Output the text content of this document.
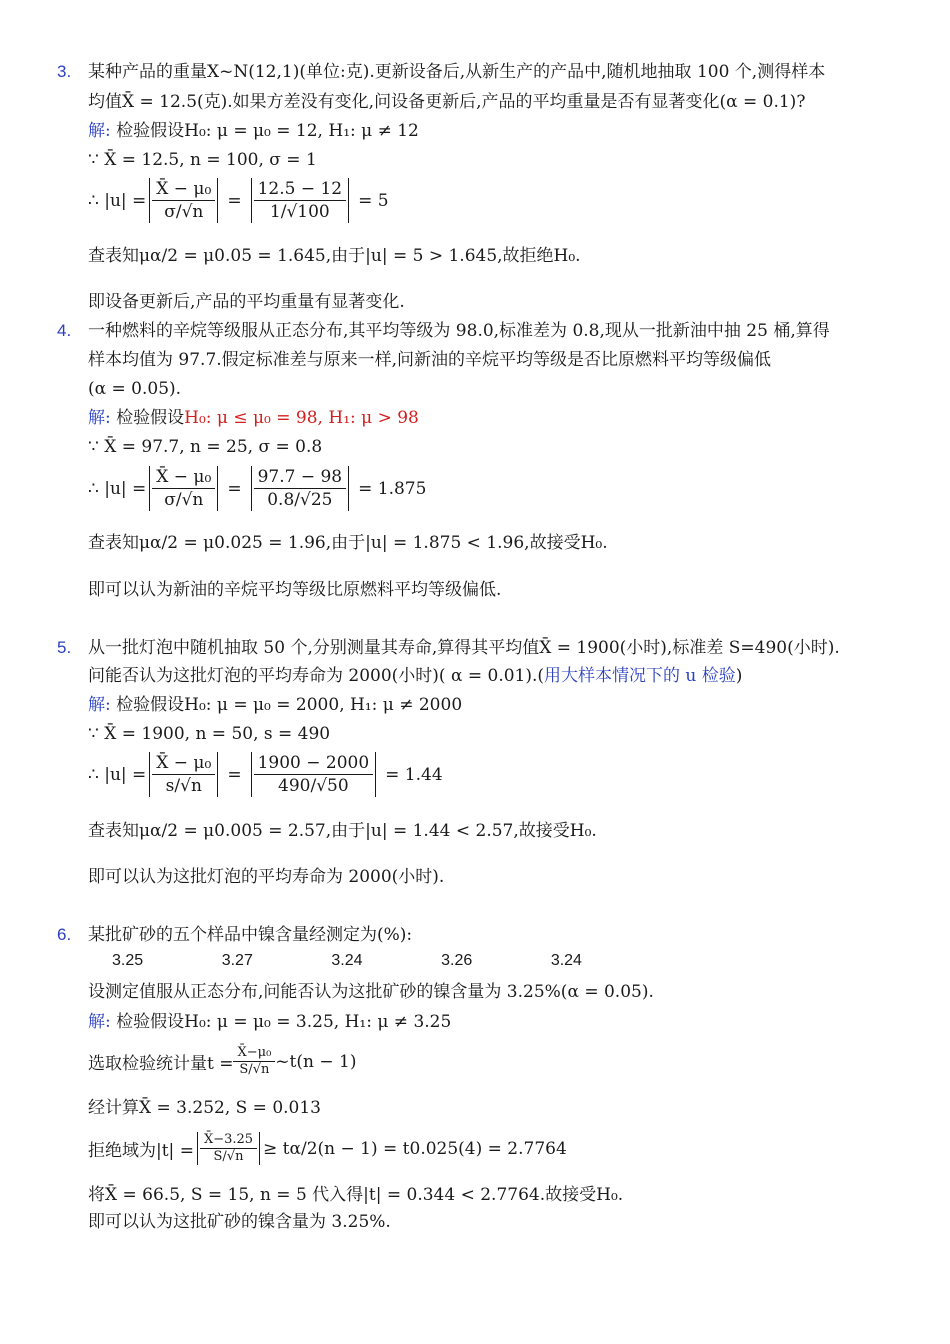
3. 某种产品的重量X~N(12,1)(单位:克).更新设备后,从新生产的产品中,随机地抽取 100 个,测得样本
均值X̄ = 12.5(克).如果方差没有变化,问设备更新后,产品的平均重量是否有显著变化(α = 0.1)?
解: 检验假设H₀: μ = μ₀ = 12, H₁: μ ≠ 12
∵ X̄ = 12.5, n = 100, σ = 1
∴ $|u| = \frac{\text{X̄ − μ₀}}{\sigma/√n} = \frac{12.5 - 12}{1/√100} = 5$
查表知μα/2 = μ0.05 = 1.645,由于|u| = 5 > 1.645,故拒绝H₀.
即设备更新后,产品的平均重量有显著变化.
4. 一种燃料的辛烷等级服从正态分布,其平均等级为 98.0,标准差为 0.8,现从一批新油中抽 25 桶,算得
样本均值为 97.7.假定标准差与原来一样,问新油的辛烷平均等级是否比原燃料平均等级偏低
(α = 0.05).
解: 检验假设H₀: μ ≤ μ₀ = 98, H₁: μ > 98
∵ X̄ = 97.7, n = 25, σ = 0.8
∴ $|u| = \frac{\text{X̄ − μ₀}}{\sigma/√n} = \frac{97.7 - 98}{0.8/√25} = 1.875$
查表知μα/2 = μ0.025 = 1.96,由于|u| = 1.875 < 1.96,故接受H₀.
即可以认为新油的辛烷平均等级比原燃料平均等级偏低.
5. 从一批灯泡中随机抽取 50 个,分别测量其寿命,算得其平均值X̄ = 1900(小时),标准差 S=490(小时).
问能否认为这批灯泡的平均寿命为 2000(小时)( α = 0.01).(用大样本情况下的 u 检验)
解: 检验假设H₀: μ = μ₀ = 2000, H₁: μ ≠ 2000
∵ X̄ = 1900, n = 50, s = 490
∴ $|u| = \frac{\text{X̄ − μ₀}}{s/√n} = \frac{1900 - 2000}{490/√50} = 1.44$
查表知μα/2 = μ0.005 = 2.57,由于|u| = 1.44 < 2.57,故接受H₀.
即可以认为这批灯泡的平均寿命为 2000(小时).
6. 某批矿砂的五个样品中镍含量经测定为(%):
3.25	3.27	3.24	3.26	3.24
设测定值服从正态分布,问能否认为这批矿砂的镍含量为 3.25%(α = 0.05).
解: 检验假设H₀: μ = μ₀ = 3.25, H₁: μ ≠ 3.25
选取检验统计量$t = \frac{\text{X̄−μ₀}}{S/√n}$ ~t(n − 1)
经计算X̄ = 3.252, S = 0.013
拒绝域为$|t| = \frac{X̄-3.25}{S/√n} \ge t\alpha/2(n - 1) = t0.025(4) = 2.7764$
将X̄ = 66.5, S = 15, n = 5 代入得|t| = 0.344 < 2.7764.故接受H₀.
即可以认为这批矿砂的镍含量为 3.25%.
